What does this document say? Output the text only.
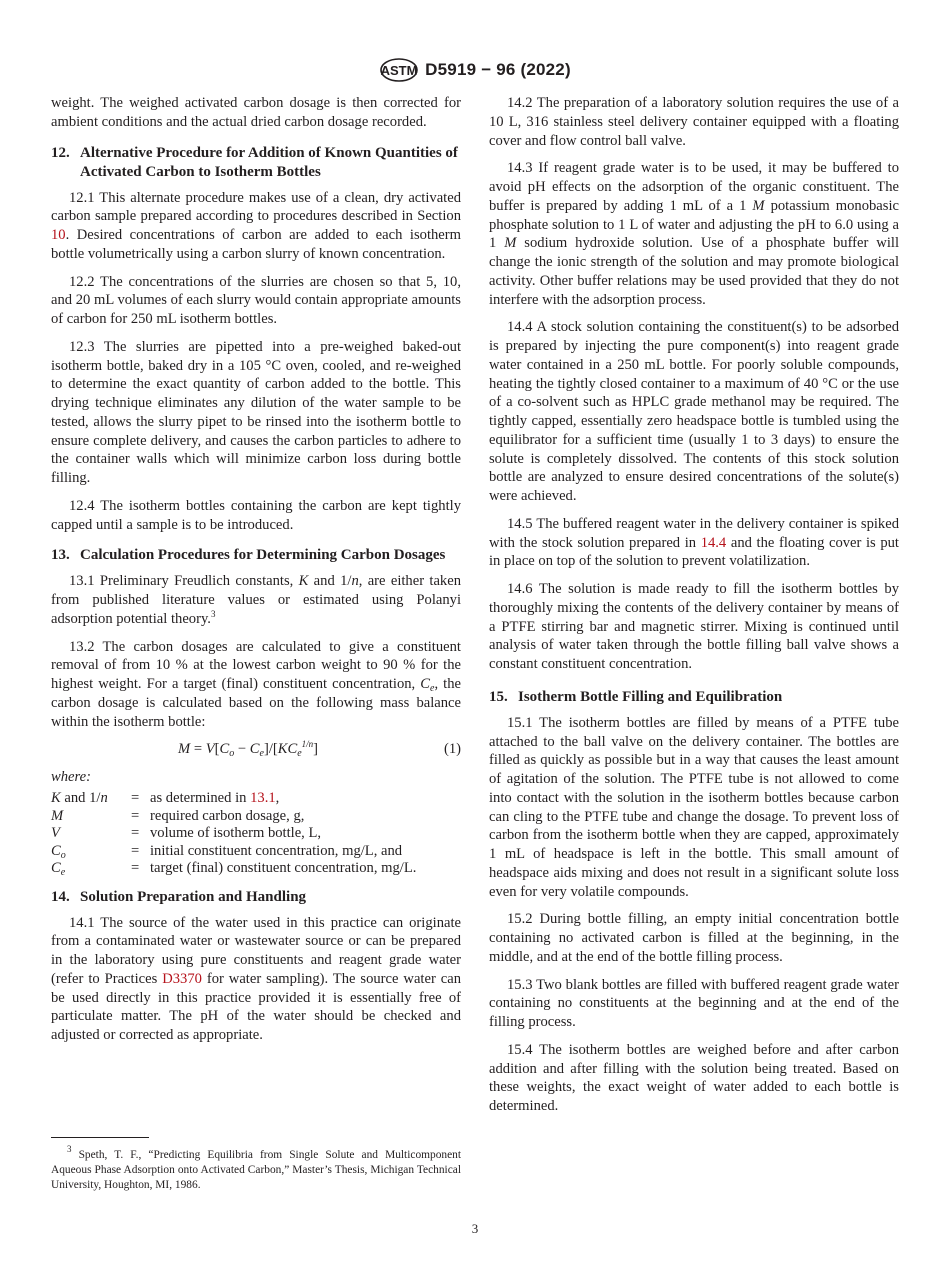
ASTM D5919 − 96 (2022)

weight. The weighed activated carbon dosage is then corrected for ambient conditions and the actual dried carbon dosage recorded.

12. Alternative Procedure for Addition of Known Quantities of Activated Carbon to Isotherm Bottles

12.1 This alternate procedure makes use of a clean, dry activated carbon sample prepared according to procedures described in Section 10. Desired concentrations of carbon are added to each isotherm bottle volumetrically using a carbon slurry of known concentration.

12.2 The concentrations of the slurries are chosen so that 5, 10, and 20 mL volumes of each slurry would contain appropriate amounts of carbon for 250 mL isotherm bottles.

12.3 The slurries are pipetted into a pre-weighed baked-out isotherm bottle, baked dry in a 105 °C oven, cooled, and re-weighed to determine the exact quantity of carbon added to the bottle. This drying technique eliminates any dilution of the water sample to be tested, allows the slurry pipet to be rinsed into the isotherm bottle to ensure complete delivery, and causes the carbon particles to adhere to the container walls which will minimize carbon loss during bottle filling.

12.4 The isotherm bottles containing the carbon are kept tightly capped until a sample is to be introduced.

13. Calculation Procedures for Determining Carbon Dosages

13.1 Preliminary Freudlich constants, K and 1/n, are either taken from published literature values or estimated using Polanyi adsorption potential theory.$^3$

13.2 The carbon dosages are calculated to give a constituent removal of from 10 % at the lowest carbon weight to 90 % for the highest weight. For a target (final) constituent concentration, $C_e$, the carbon dosage is calculated based on the following mass balance within the isotherm bottle:

$M = V[C_o - C_e]/[KC_e^{1/n}]$	(1)
where:
K and 1/n	= as determined in 13.1,
M	= required carbon dosage, g,
V	= volume of isotherm bottle, L,
$C_o$	= initial constituent concentration, mg/L, and
$C_e$	= target (final) constituent concentration, mg/L.
14. Solution Preparation and Handling

14.1 The source of the water used in this practice can originate from a contaminated water or wastewater source or can be prepared in the laboratory using pure constituents and reagent grade water (refer to Practices D3370 for water sampling). The source water can be used directly in this practice provided it is essentially free of particulate matter. The pH of the water should be checked and adjusted or corrected as appropriate.

14.2 The preparation of a laboratory solution requires the use of a 10 L, 316 stainless steel delivery container equipped with a floating cover and flow control ball valve.

14.3 If reagent grade water is to be used, it may be buffered to avoid pH effects on the adsorption of the organic constituent. The buffer is prepared by adding 1 mL of a 1 M potassium monobasic phosphate solution to 1 L of water and adjusting the pH to 6.0 using a 1 M sodium hydroxide solution. Use of a phosphate buffer will change the ionic strength of the solution and may promote biological activity. Other buffer relations may be used provided that they do not interfere with the adsorption process.

14.4 A stock solution containing the constituent(s) to be adsorbed is prepared by injecting the pure component(s) into reagent grade water contained in a 250 mL bottle. For poorly soluble compounds, heating the tightly closed container to a maximum of 40 °C or the use of a co-solvent such as HPLC grade methanol may be required. The tightly capped, essentially zero headspace bottle is tumbled using the equilibrator for a sufficient time (usually 1 to 3 days) to ensure the solute is completely dissolved. The contents of this stock solution bottle are analyzed to ensure desired concentrations of the solute(s) were achieved.

14.5 The buffered reagent water in the delivery container is spiked with the stock solution prepared in 14.4 and the floating cover is put in place on top of the solution to prevent volatilization.

14.6 The solution is made ready to fill the isotherm bottles by thoroughly mixing the contents of the delivery container by means of a PTFE stirring bar and magnetic stirrer. Mixing is continued until analysis of water taken through the bottle filling ball valve shows a constant constituent concentration.

15. Isotherm Bottle Filling and Equilibration

15.1 The isotherm bottles are filled by means of a PTFE tube attached to the ball valve on the delivery container. The bottles are filled as quickly as possible but in a way that causes the least amount of agitation of the solution. The PTFE tube is not allowed to come into contact with the solution in the isotherm bottles because carbon can cling to the PTFE tube and change the dosage. To prevent loss of carbon from the isotherm bottle when they are capped, approximately 1 mL of headspace is left in the bottle. This small amount of headspace aids mixing and does not result in a significant solute loss even for very volatile compounds.

15.2 During bottle filling, an empty initial concentration bottle containing no activated carbon is filled at the beginning, in the middle, and at the end of the bottle filling process.

15.3 Two blank bottles are filled with buffered reagent grade water containing no constituents at the beginning and at the end of the filling process.

15.4 The isotherm bottles are weighed before and after carbon addition and after filling with the solution being treated. Based on these weights, the exact weight of water added to each bottle is determined.

$^3$ Speth, T. F., “Predicting Equilibria from Single Solute and Multicomponent Aqueous Phase Adsorption onto Activated Carbon,” Master’s Thesis, Michigan Technical University, Houghton, MI, 1986.

3
